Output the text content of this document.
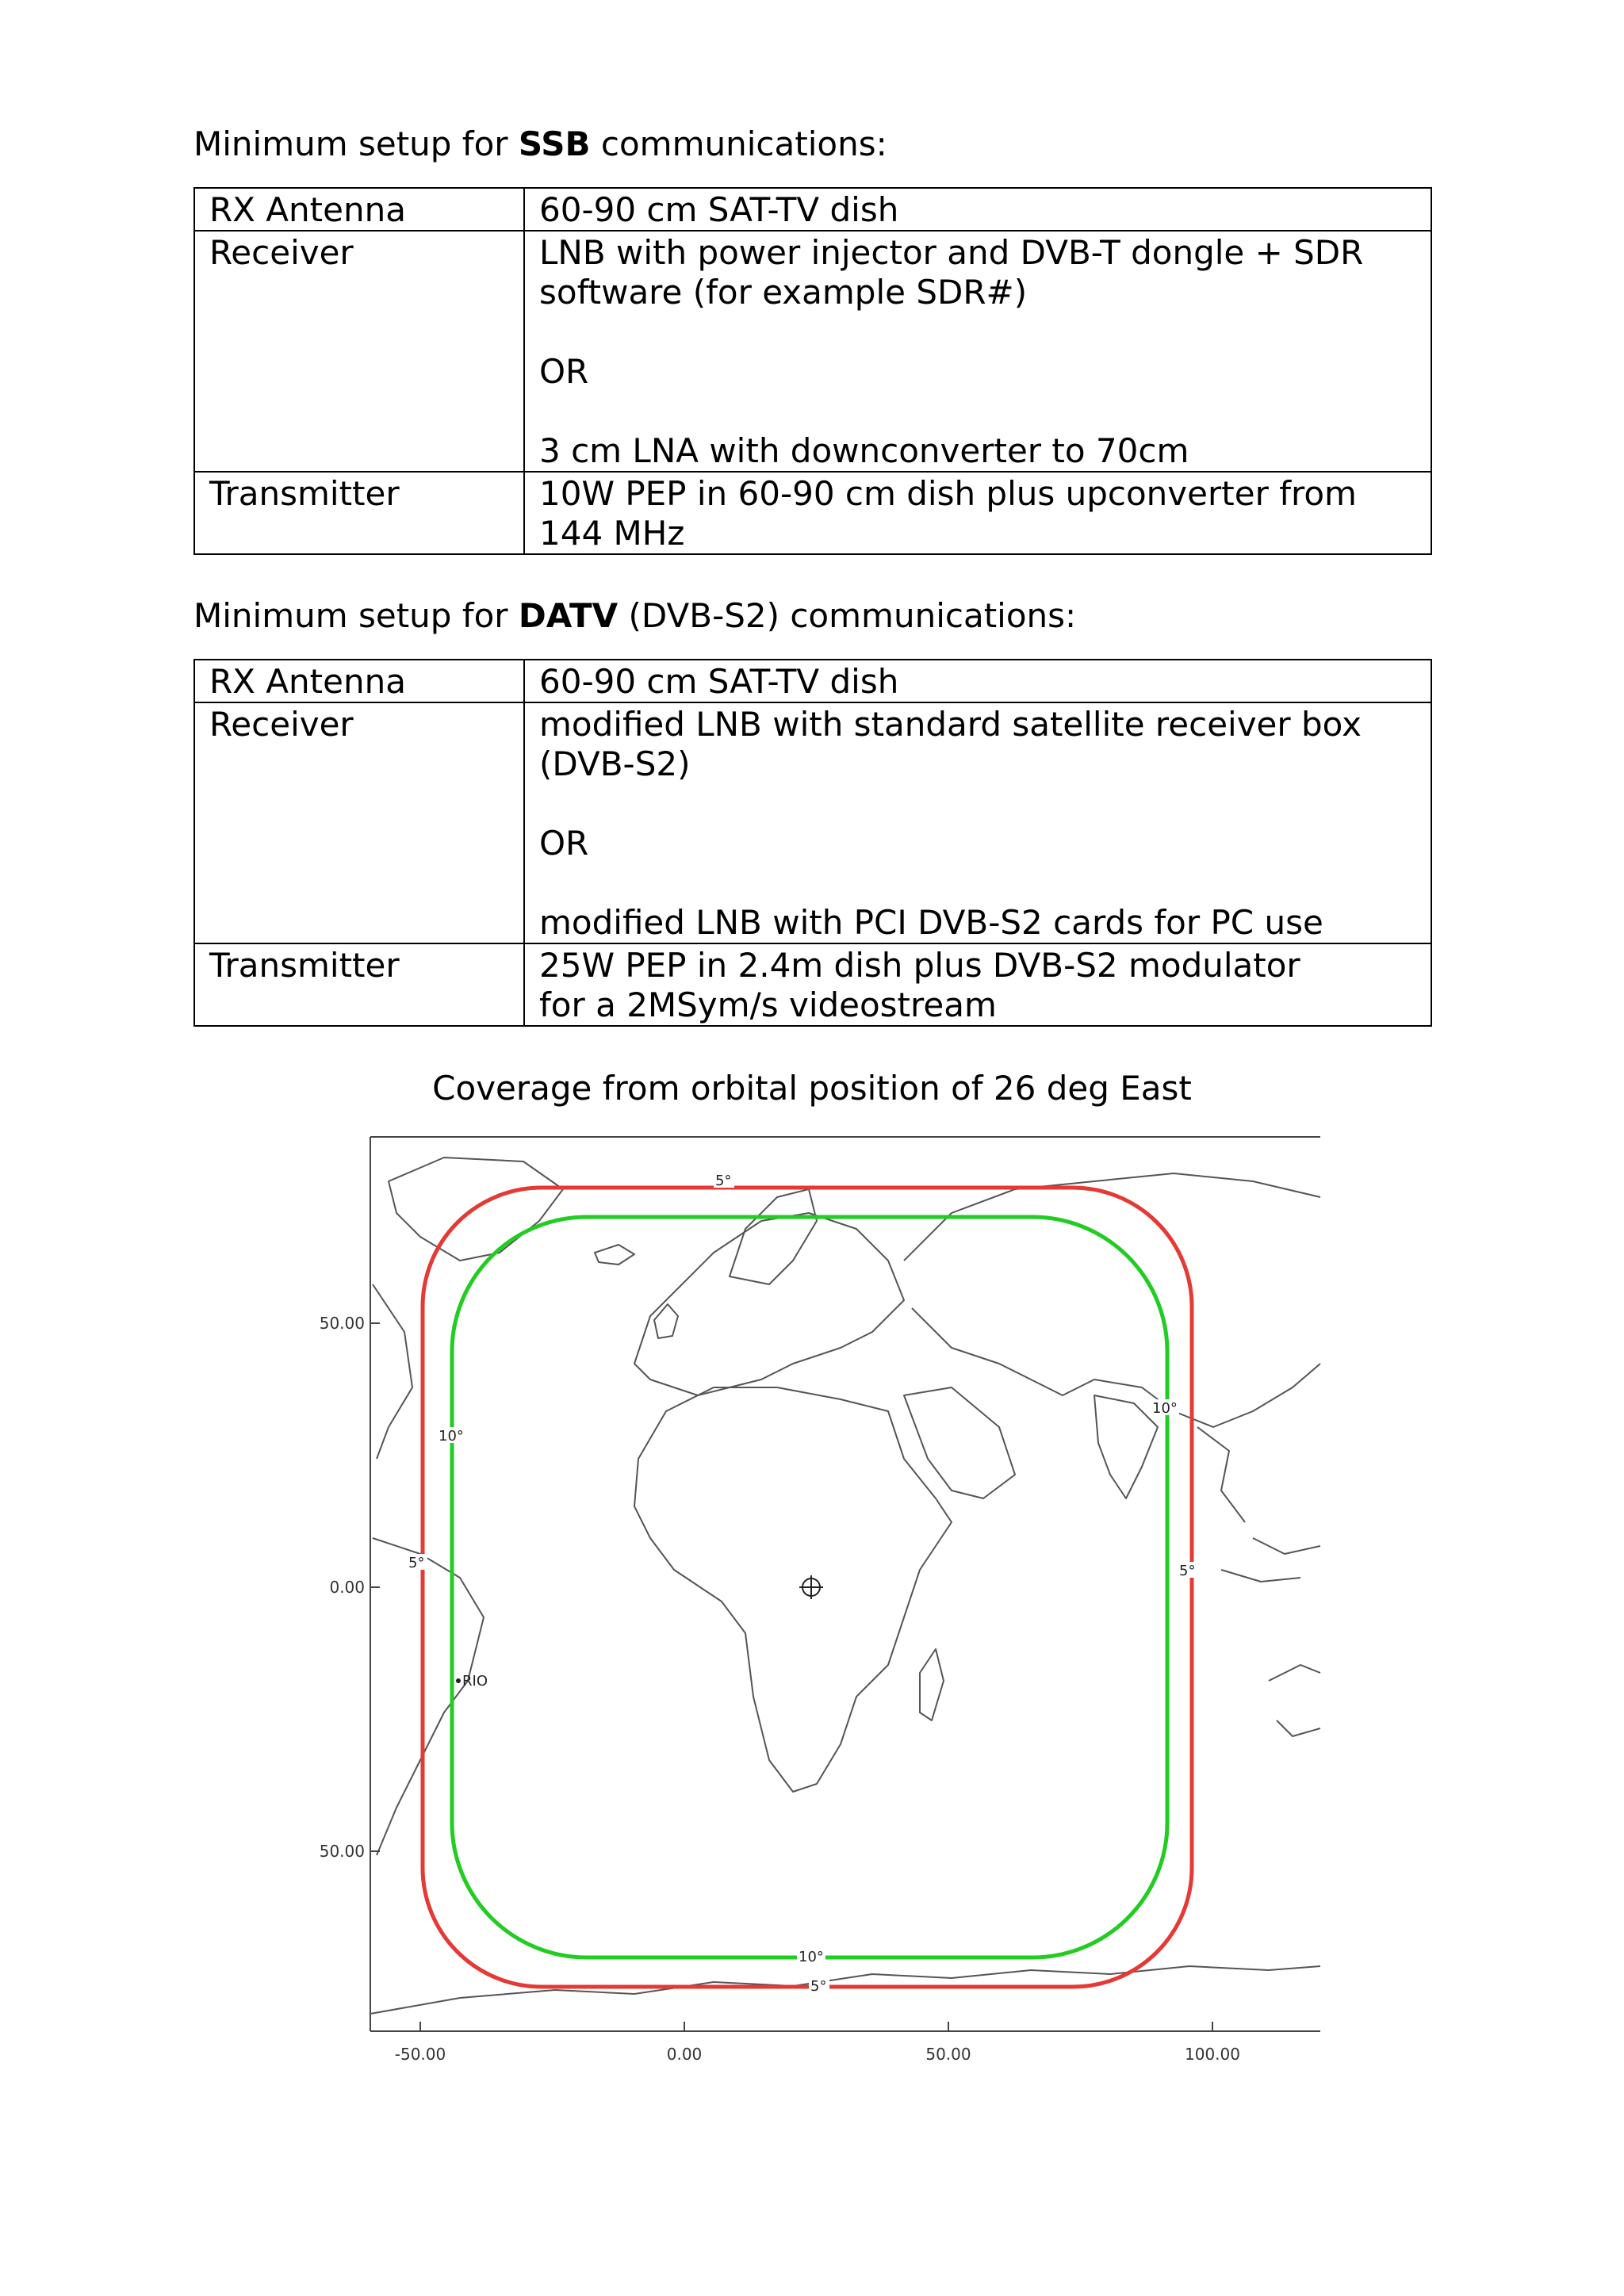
Minimum setup for SSB communications:
RX Antenna	60-90 cm SAT-TV dish
Receiver	LNB with power injector and DVB-T dongle + SDR
software (for example SDR#)
OR
3 cm LNA with downconverter to 70cm

Transmitter	10W PEP in 60-90 cm dish plus upconverter from
144 MHz
Minimum setup for DATV (DVB-S2) communications:
RX Antenna	60-90 cm SAT-TV dish
Receiver	modified LNB with standard satellite receiver box
(DVB-S2)
OR
modified LNB with PCI DVB-S2 cards for PC use

Transmitter	25W PEP in 2.4m dish plus DVB-S2 modulator
for a 2MSym/s videostream
Coverage from orbital position of 26 deg East
5°
5°	5°
5°
10°
10°
10°
RIO
-50.00	0.00	50.00	100.00
50.00
0.00
50.00
